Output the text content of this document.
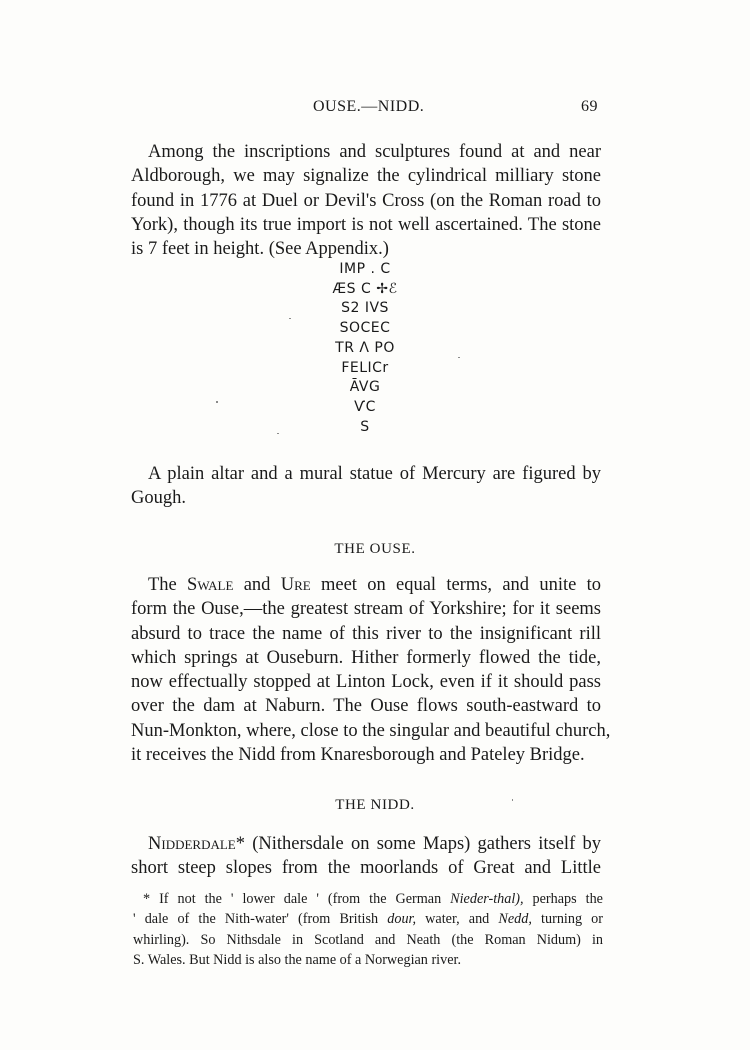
OUSE.—NIDD.	69

Among the inscriptions and sculptures found at and near
Aldborough, we may signalize the cylindrical milliary stone
found in 1776 at Duel or Devil's Cross (on the Roman road to
York), though its true import is not well ascertained. The stone
is 7 feet in height. (See Appendix.)

IMP . C
ÆS C ✢ℰ
S2 IVS
SOCEC
TR Ʌ PO
FELICr
ĀVG
ѴC
S

A plain altar and a mural statue of Mercury are figured by
Gough.

THE OUSE.

The Swale and Ure meet on equal terms, and unite to
form the Ouse,—the greatest stream of Yorkshire; for it seems
absurd to trace the name of this river to the insignificant rill
which springs at Ouseburn. Hither formerly flowed the tide,
now effectually stopped at Linton Lock, even if it should pass
over the dam at Naburn. The Ouse flows south-eastward to
Nun-Monkton, where, close to the singular and beautiful church,
it receives the Nidd from Knaresborough and Pateley Bridge.

THE NIDD.

Nidderdale* (Nithersdale on some Maps) gathers itself by
short steep slopes from the moorlands of Great and Little

* If not the ' lower dale ' (from the German Nieder-thal), perhaps the
' dale of the Nith-water' (from British dour, water, and Nedd, turning or
whirling). So Nithsdale in Scotland and Neath (the Roman Nidum) in
S. Wales. But Nidd is also the name of a Norwegian river.
